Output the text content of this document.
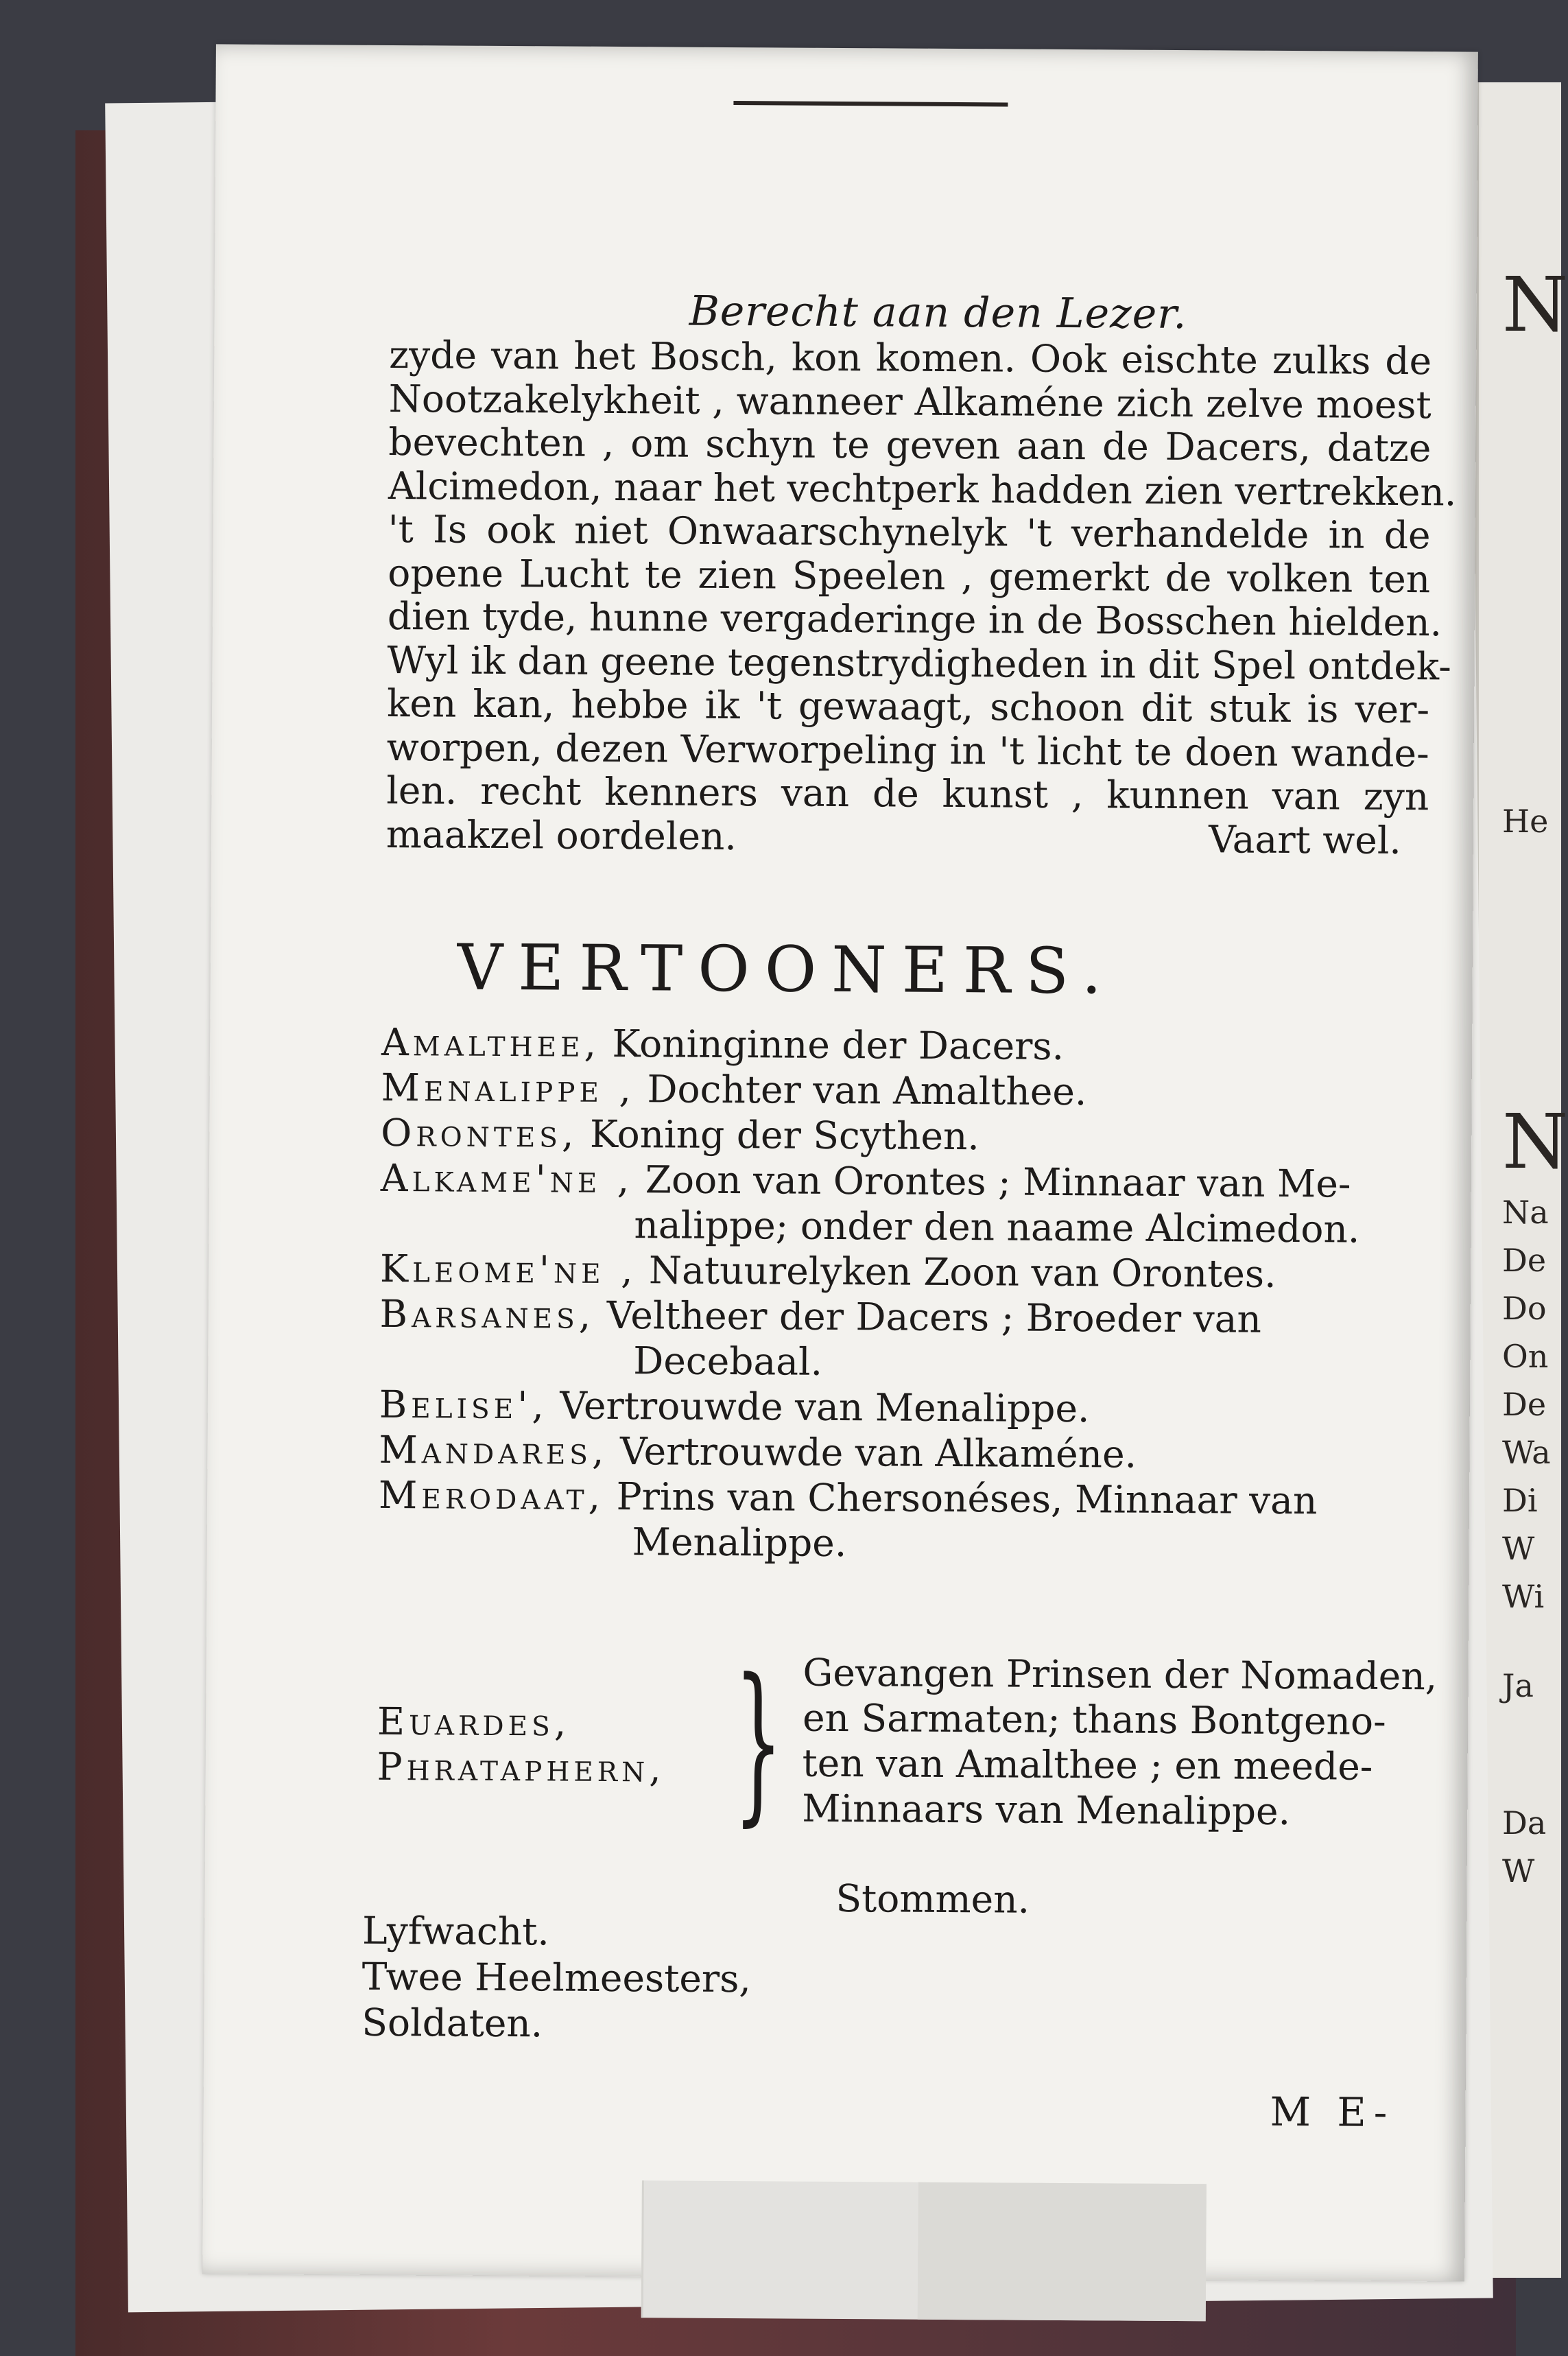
N
He
N
Na
De
Do
On
De
Wa
Di
W
Wi
Ja
Da
W
Berecht aan den Lezer.
zyde van het Bosch, kon komen. Ook eischte zulks de
Nootzakelykheit , wanneer Alkaméne zich zelve moest
bevechten , om schyn te geven aan de Dacers, datze
Alcimedon, naar het vechtperk hadden zien vertrekken.
't Is ook niet Onwaarschynelyk 't verhandelde in de
opene Lucht te zien Speelen , gemerkt de volken ten
dien tyde, hunne vergaderinge in de Bosschen hielden.
Wyl ik dan geene tegenstrydigheden in dit Spel ontdek-
ken kan, hebbe ik 't gewaagt, schoon dit stuk is ver-
worpen, dezen Verworpeling in 't licht te doen wande-
len. recht kenners van de kunst , kunnen van zyn
maakzel oordelen.	Vaart wel.
VERTOONERS.
Amalthee, Koninginne der Dacers.
Menalippe , Dochter van Amalthee.
Orontes, Koning der Scythen.
Alkame'ne , Zoon van Orontes ; Minnaar van Me-
nalippe; onder den naame Alcimedon.
Kleome'ne , Natuurelyken Zoon van Orontes.
Barsanes, Veltheer der Dacers ; Broeder van
Decebaal.
Belise', Vertrouwde van Menalippe.
Mandares, Vertrouwde van Alkaméne.
Merodaat, Prins van Chersonéses, Minnaar van
Menalippe.
Euardes,
Phrataphern, } Gevangen Prinsen der Nomaden,
en Sarmaten; thans Bontgeno-
ten van Amalthee ; en meede-
Minnaars van Menalippe.
Stommen.
Lyfwacht.
Twee Heelmeesters,
Soldaten.
M E-
